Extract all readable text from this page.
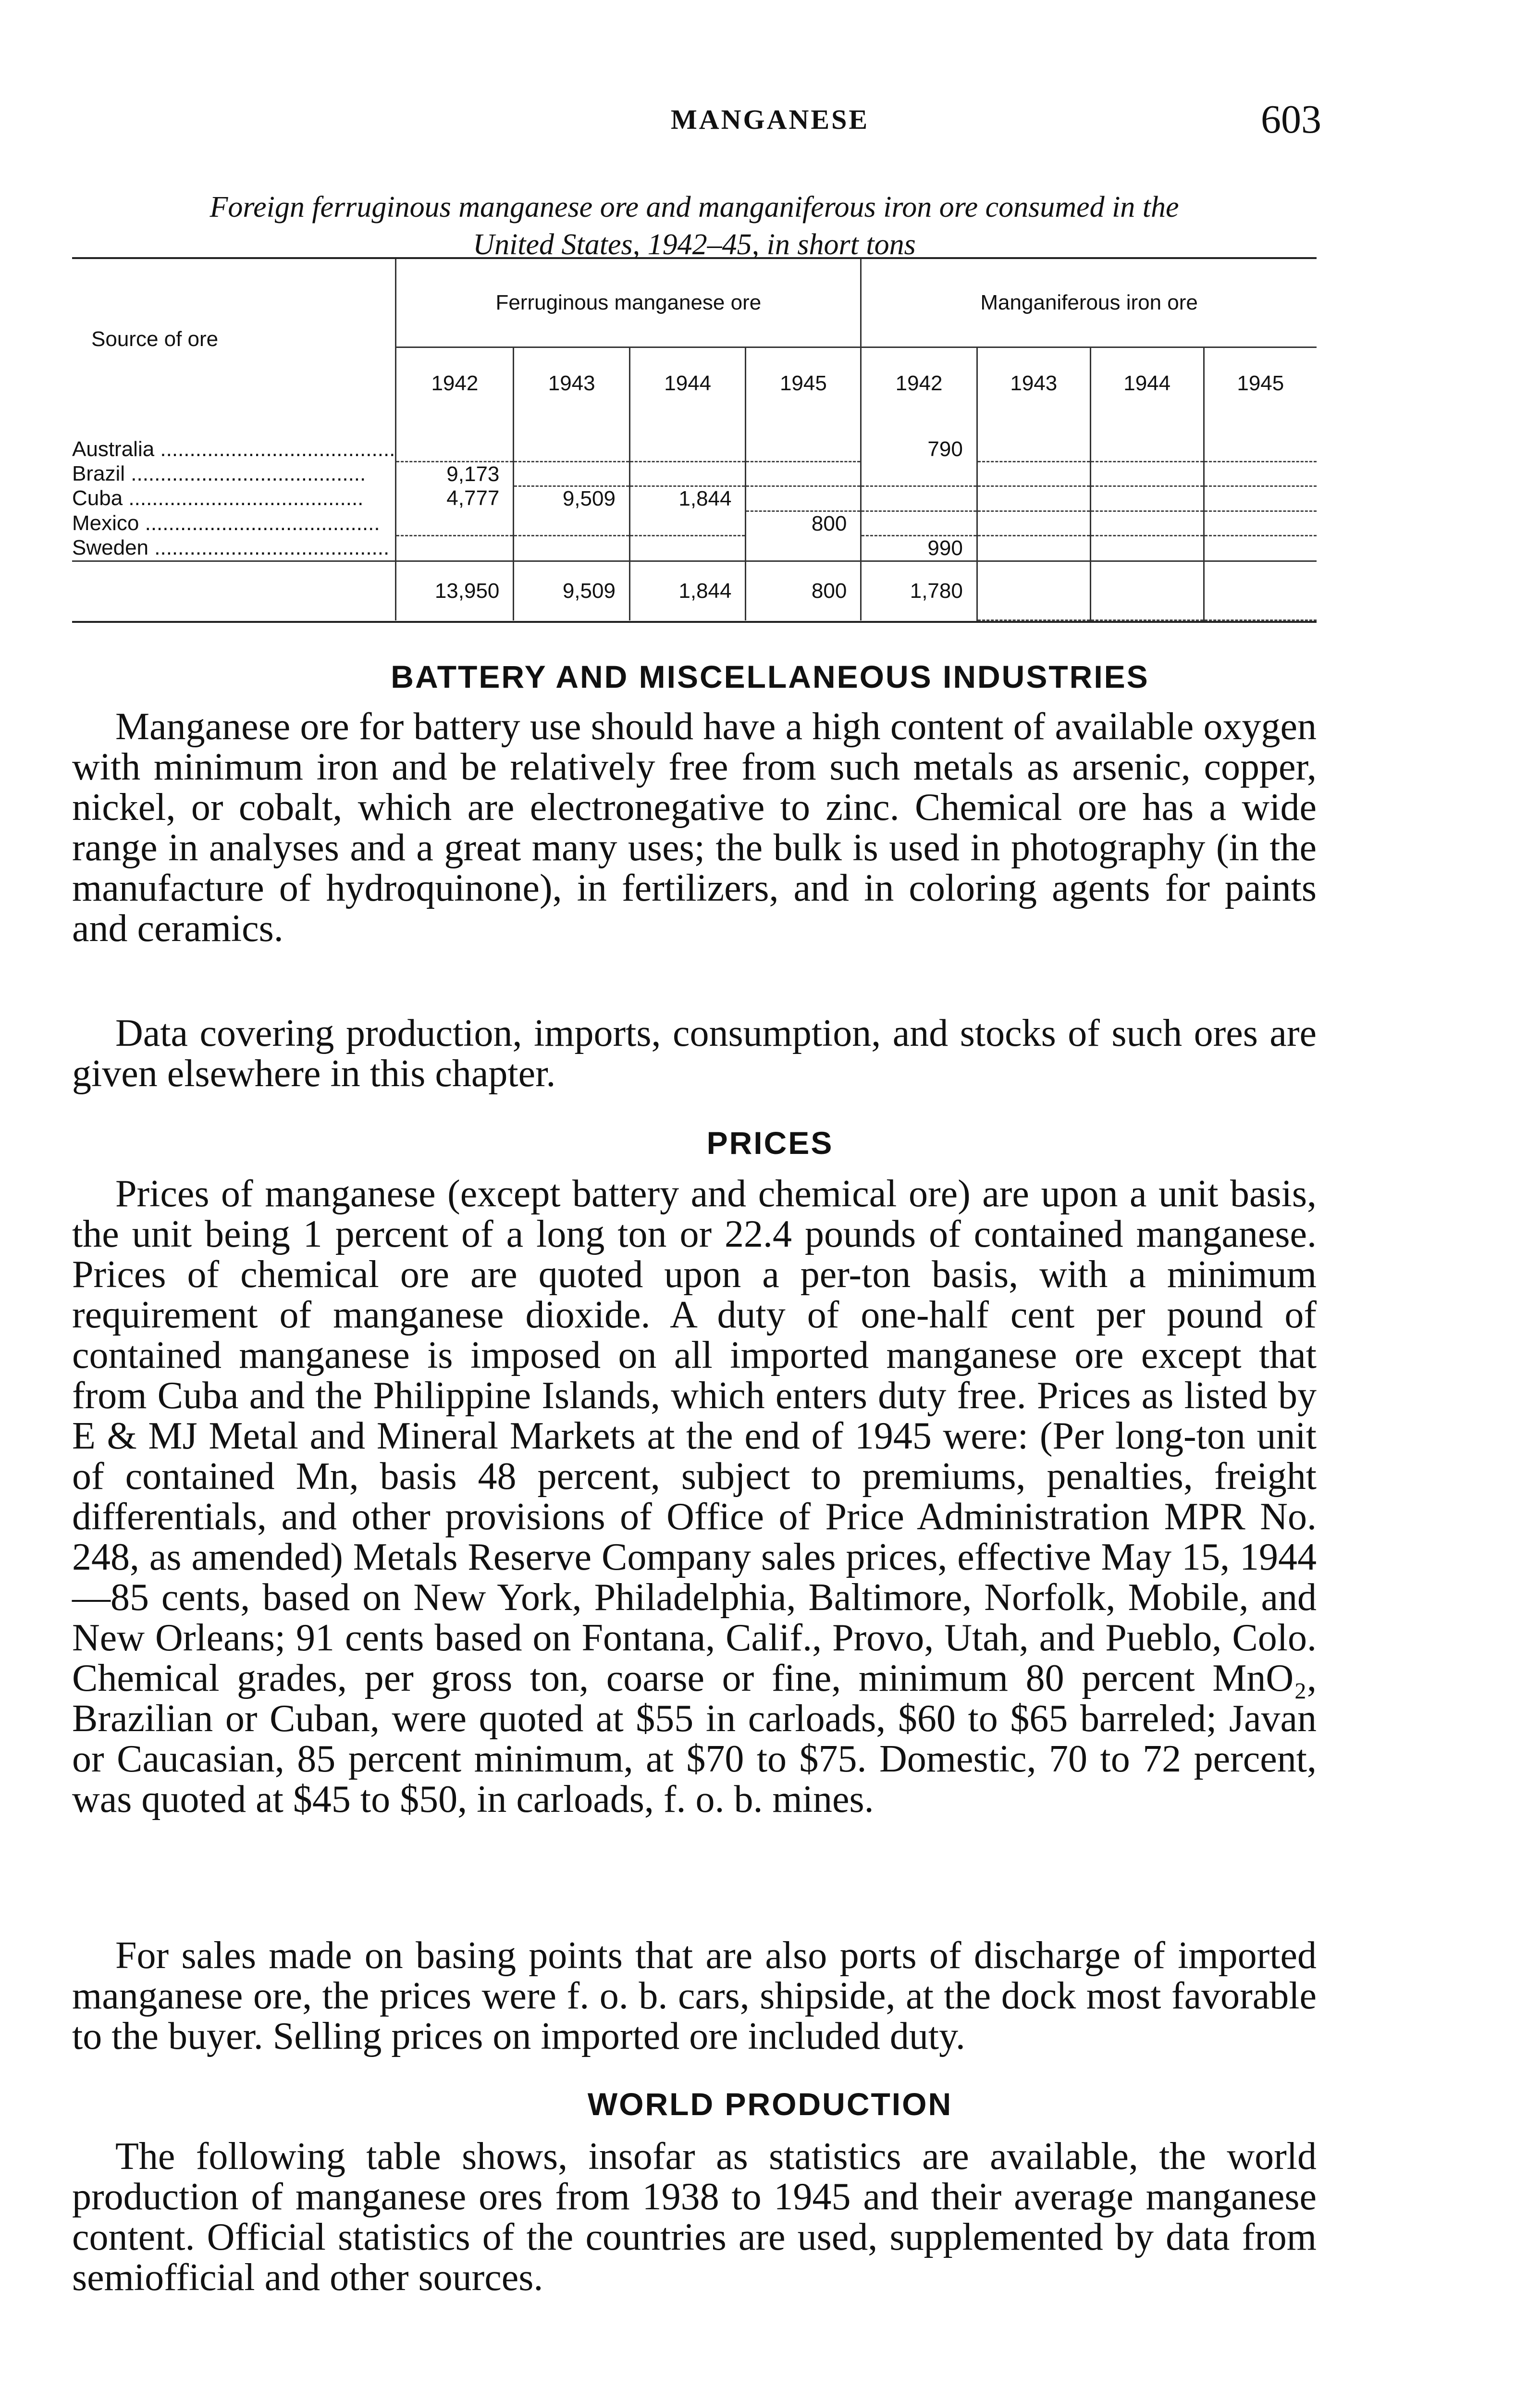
MANGANESE	603
Foreign ferruginous manganese ore and manganiferous iron ore consumed in the
United States, 1942–45, in short tons
Source of ore	Ferruginous manganese ore				Manganiferous iron ore			
	1942	1943	1944	1945	1942	1943	1944	1945

Australia ........................................					790			
Brazil ........................................	9,173							
Cuba ........................................	4,777	9,509	1,844					
Mexico ........................................				800				
Sweden ........................................					990			
	13,950	9,509	1,844	800	1,780			
BATTERY AND MISCELLANEOUS INDUSTRIES
Manganese ore for battery use should have a high content of available oxygen with minimum iron and be relatively free from such metals as arsenic, copper, nickel, or cobalt, which are electronegative to zinc. Chemical ore has a wide range in analyses and a great many uses; the bulk is used in photography (in the manufacture of hydroquinone), in fertilizers, and in coloring agents for paints and ceramics.
Data covering production, imports, consumption, and stocks of such ores are given elsewhere in this chapter.
PRICES
Prices of manganese (except battery and chemical ore) are upon a unit basis, the unit being 1 percent of a long ton or 22.4 pounds of contained manganese. Prices of chemical ore are quoted upon a per-ton basis, with a minimum requirement of manganese dioxide. A duty of one-half cent per pound of contained manganese is imposed on all imported manganese ore except that from Cuba and the Philippine Islands, which enters duty free. Prices as listed by E & MJ Metal and Mineral Markets at the end of 1945 were: (Per long-ton unit of contained Mn, basis 48 percent, subject to premiums, penalties, freight differentials, and other provisions of Office of Price Administration MPR No. 248, as amended) Metals Reserve Company sales prices, effective May 15, 1944—85 cents, based on New York, Philadelphia, Baltimore, Norfolk, Mobile, and New Orleans; 91 cents based on Fontana, Calif., Provo, Utah, and Pueblo, Colo. Chemical grades, per gross ton, coarse or fine, minimum 80 percent MnO₂, Brazilian or Cuban, were quoted at $55 in carloads, $60 to $65 barreled; Javan or Caucasian, 85 percent minimum, at $70 to $75. Domestic, 70 to 72 percent, was quoted at $45 to $50, in carloads, f. o. b. mines.
For sales made on basing points that are also ports of discharge of imported manganese ore, the prices were f. o. b. cars, shipside, at the dock most favorable to the buyer. Selling prices on imported ore included duty.
WORLD PRODUCTION
The following table shows, insofar as statistics are available, the world production of manganese ores from 1938 to 1945 and their average manganese content. Official statistics of the countries are used, supplemented by data from semiofficial and other sources.
